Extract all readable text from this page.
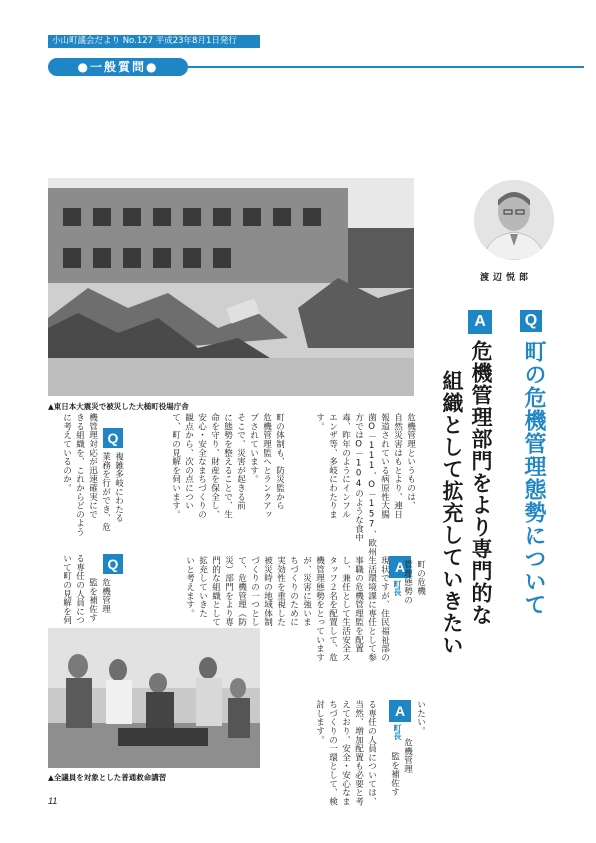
小山町議会だより No.127 平成23年8月1日発行
●一般質問●
▲東日本大震災で被災した大槌町役場庁舎
渡辺悦郎
Q
A
町の危機管理態勢について
危機管理部門をより専門的な
組織として拡充していきたい
危機管理というものは、
自然災害はもとより、連日
報道されている病原性大腸
菌O－111、O－157、欧州
方ではO－104のような食中
毒、昨年のようにインフル
エンザ等、多岐にわたりま
す。
町の体制も、防災監から
危機管理監へとランクアッ
プされています。
そこで、災害が起きる前
に態勢を整えることで、生
命を守り、財産を保全し、
安心・安全なまちづくりの
観点から、次の点につい
て、町の見解を伺います。
Q
複雑多岐にわたる
業務を行ができ、危
機管理対応が迅速確実にで
きる組織を、これからどのよう
に考えているのか。
Q
危機管理
監を補佐す
る専任の人員につ
いて町の見解を伺	A
町長 町の危機
管理態勢の
現状ですが、住民福祉部の
生活環境課に専任として参
事職の危機管理監を配置
し、兼任として生活安全ス
タッフ２名を配置して、危
機管理態勢をとっています
が、災害に強いま
ちづくりのために
実効性を重視した
被災時の地域体制
づくりの一つとし
て、危機管理（防
災）部門をより専
門的な組織として
拡充していきた
いと考えます。
A
町長 いたい。
危機管理
監を補佐す
る専任の人員については、
当然、増加配置も必要と考
えており、安全・安心なま
ちづくりの一環として、検
討します。
▲全議員を対象とした普通救命講習
11
